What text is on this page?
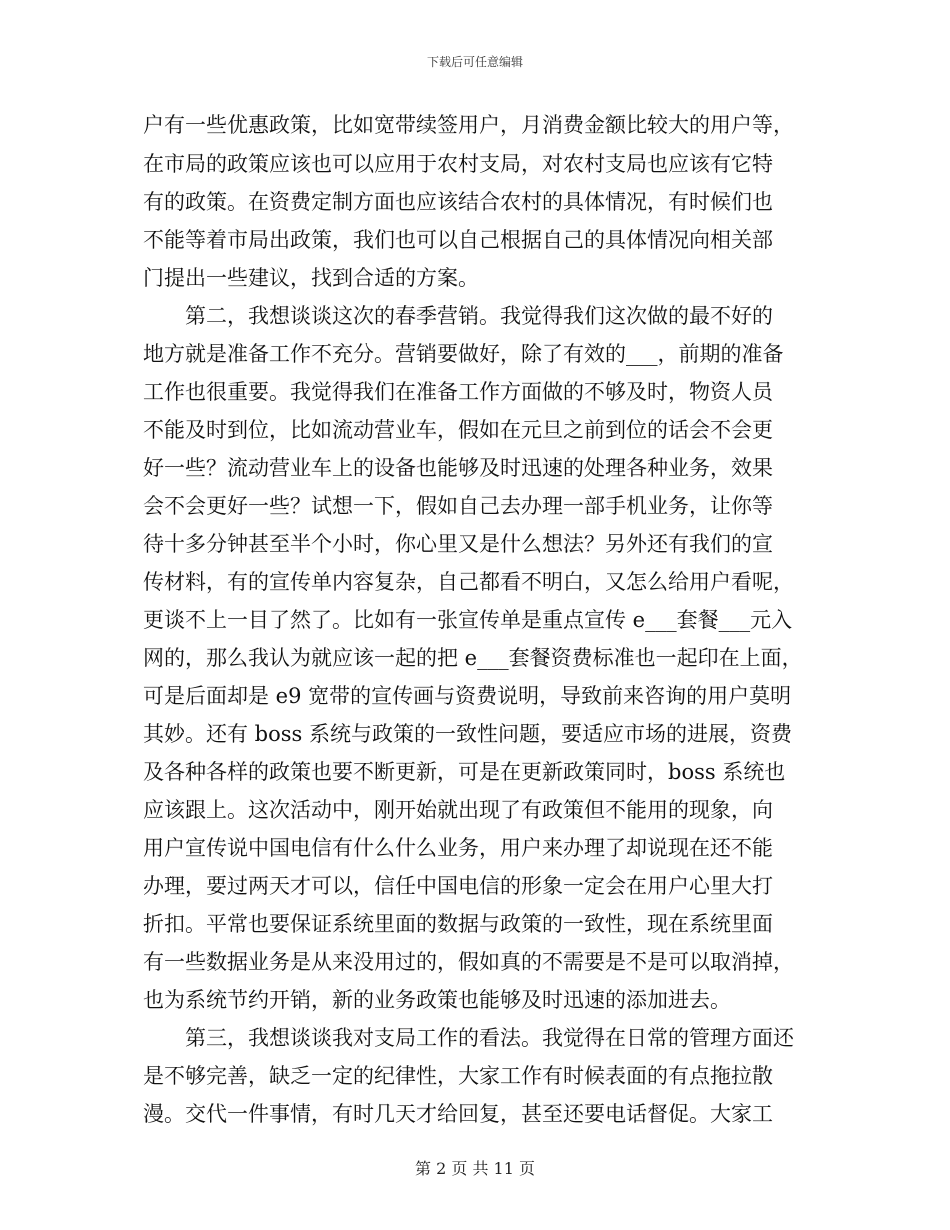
下载后可任意编辑
户有一些优惠政策，比如宽带续签用户，月消费金额比较大的用户等，
在市局的政策应该也可以应用于农村支局，对农村支局也应该有它特
有的政策。在资费定制方面也应该结合农村的具体情况，有时候们也
不能等着市局出政策，我们也可以自己根据自己的具体情况向相关部
门提出一些建议，找到合适的方案。
　　第二，我想谈谈这次的春季营销。我觉得我们这次做的最不好的
地方就是准备工作不充分。营销要做好，除了有效的___，前期的准备
工作也很重要。我觉得我们在准备工作方面做的不够及时，物资人员
不能及时到位，比如流动营业车，假如在元旦之前到位的话会不会更
好一些？流动营业车上的设备也能够及时迅速的处理各种业务，效果
会不会更好一些？试想一下，假如自己去办理一部手机业务，让你等
待十多分钟甚至半个小时，你心里又是什么想法？另外还有我们的宣
传材料，有的宣传单内容复杂，自己都看不明白，又怎么给用户看呢，
更谈不上一目了然了。比如有一张宣传单是重点宣传 e___套餐___元入
网的，那么我认为就应该一起的把 e___套餐资费标准也一起印在上面，
可是后面却是 e9 宽带的宣传画与资费说明，导致前来咨询的用户莫明
其妙。还有 boss 系统与政策的一致性问题，要适应市场的进展，资费
及各种各样的政策也要不断更新，可是在更新政策同时，boss 系统也
应该跟上。这次活动中，刚开始就出现了有政策但不能用的现象，向
用户宣传说中国电信有什么什么业务，用户来办理了却说现在还不能
办理，要过两天才可以，信任中国电信的形象一定会在用户心里大打
折扣。平常也要保证系统里面的数据与政策的一致性，现在系统里面
有一些数据业务是从来没用过的，假如真的不需要是不是可以取消掉，
也为系统节约开销，新的业务政策也能够及时迅速的添加进去。
　　第三，我想谈谈我对支局工作的看法。我觉得在日常的管理方面还
是不够完善，缺乏一定的纪律性，大家工作有时候表面的有点拖拉散
漫。交代一件事情，有时几天才给回复，甚至还要电话督促。大家工
第 2 页 共 11 页
